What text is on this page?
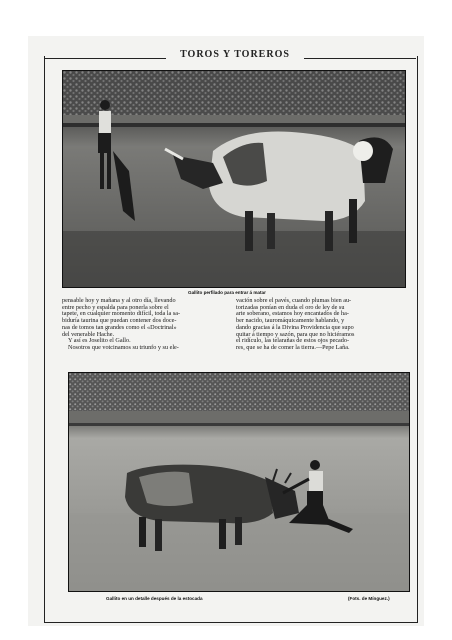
TOROS Y TOREROS
Gallito perfilado para entrar á matar

pensable hoy y mañana y al otro día, llevando

entre pecho y espalda para ponerla sobre el

tapete, en cualquier momento difícil, toda la sa-

biduría taurina que puedan contener dos doce-

nas de tomos tan grandes como el «Doctrinal»

del venerable Hache.

Y así es Joselito el Gallo.

Nosotros que votcinamos su triunfo y su ele-

vación sobre el pavés, cuando plumas bien au-

torizadas ponían en duda el oro de ley de su

arte soberano, estamos hoy encantados de ha-

ber nacido, tauromáquicamente hablando, y

dando gracias á la Divina Providencia que supo

quitar á tiempo y sazón, para que no hiciéramos

el ridículo, las telarañas de estos ojos pecado-

res, que se ha de comer la tierra.—Pepe Laña.

Gallito en un detalle después de la estocada	(Fots. de Mínguez.)
